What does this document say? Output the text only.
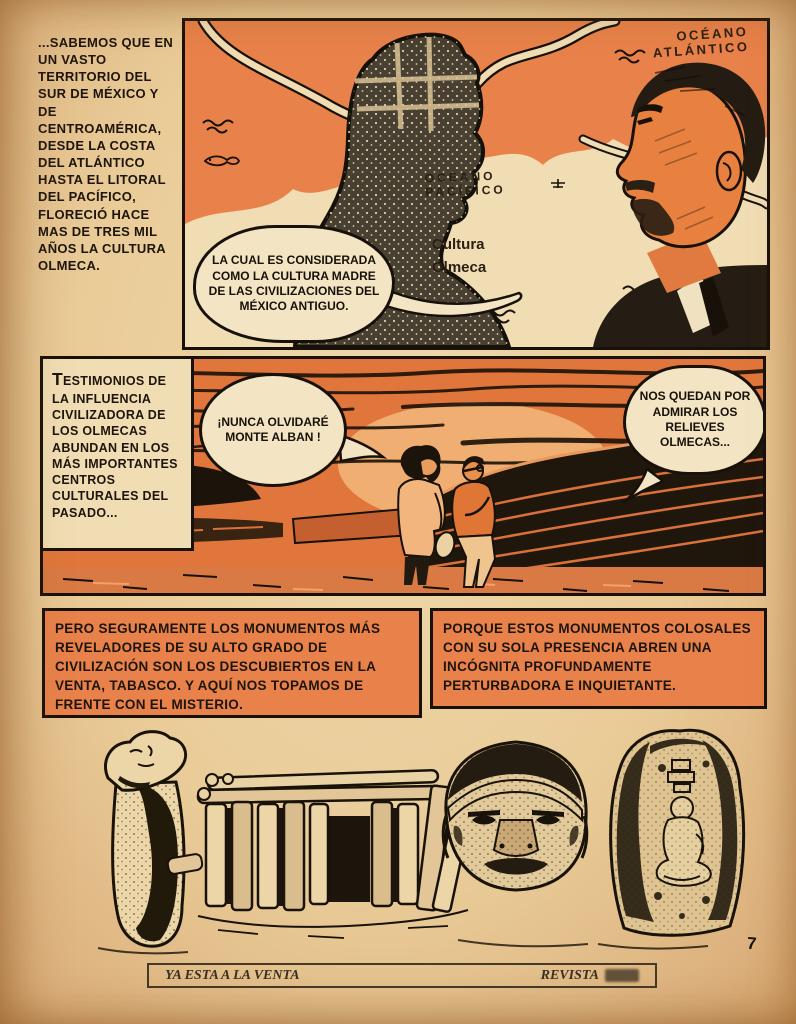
...SABEMOS QUE EN UN VASTO TERRITORIO DEL SUR DE MÉXICO Y DE CENTROAMÉRICA, DESDE LA COSTA DEL ATLÁNTICO HASTA EL LITORAL DEL PACÍFICO, FLORECIÓ HACE MAS DE TRES MIL AÑOS LA CULTURA OLMECA.
OCÉANO ATLÁNTICO
OCÉANO PACÍFICO
Cultura Olmeca
LA CUAL ES CONSIDERADA COMO LA CULTURA MADRE DE LAS CIVILIZACIONES DEL MÉXICO ANTIGUO.
TESTIMONIOS DE LA INFLUENCIA CIVILIZADORA DE LOS OLMECAS ABUNDAN EN LOS MÁS IMPORTANTES CENTROS CULTURALES DEL PASADO...
¡NUNCA OLVIDARÉ MONTE ALBAN !
NOS QUEDAN POR ADMIRAR LOS RELIEVES OLMECAS...
PERO SEGURAMENTE LOS MONUMENTOS MÁS REVELADORES DE SU ALTO GRADO DE CIVILIZACIÓN SON LOS DESCUBIERTOS EN LA VENTA, TABASCO. Y AQUÍ NOS TOPAMOS DE FRENTE CON EL MISTERIO.
PORQUE ESTOS MONUMENTOS COLOSALES CON SU SOLA PRESENCIA ABREN UNA INCÓGNITA PROFUNDAMENTE PERTURBADORA E INQUIETANTE.
7
YA ESTA A LA VENTA	REVISTA
